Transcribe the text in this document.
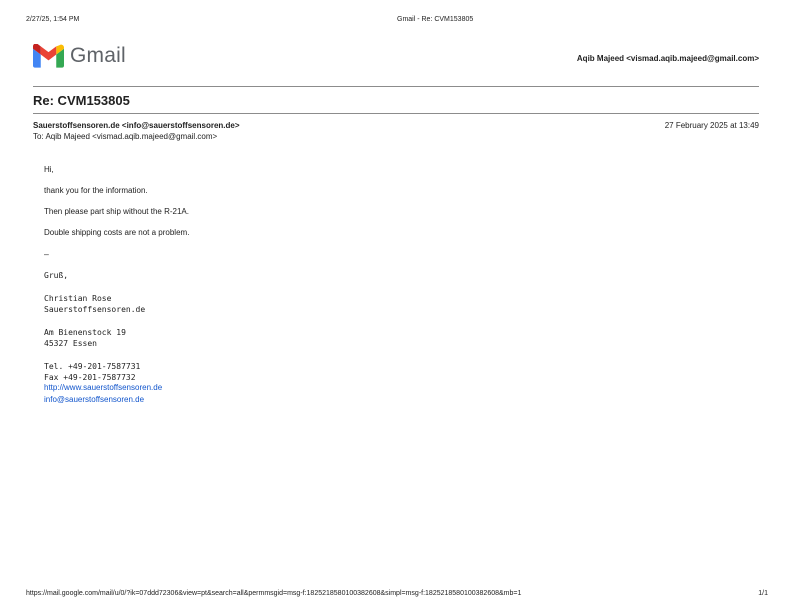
2/27/25, 1:54 PM	Gmail - Re: CVM153805
Gmail	Aqib Majeed <vismad.aqib.majeed@gmail.com>
Re: CVM153805
Sauerstoffsensoren.de <info@sauerstoffsensoren.de>	27 February 2025 at 13:49
To: Aqib Majeed <vismad.aqib.majeed@gmail.com>
Hi,
thank you for the information.
Then please part ship without the R-21A.
Double shipping costs are not a problem.
—
Gruß,
Christian Rose
Sauerstoffsensoren.de
Am Bienenstock 19
45327 Essen
Tel. +49-201-7587731
Fax +49-201-7587732
http://www.sauerstoffsensoren.de
info@sauerstoffsensoren.de
https://mail.google.com/mail/u/0/?ik=07ddd72306&view=pt&search=all&permmsgid=msg-f:1825218580100382608&simpl=msg-f:1825218580100382608&mb=1	1/1
